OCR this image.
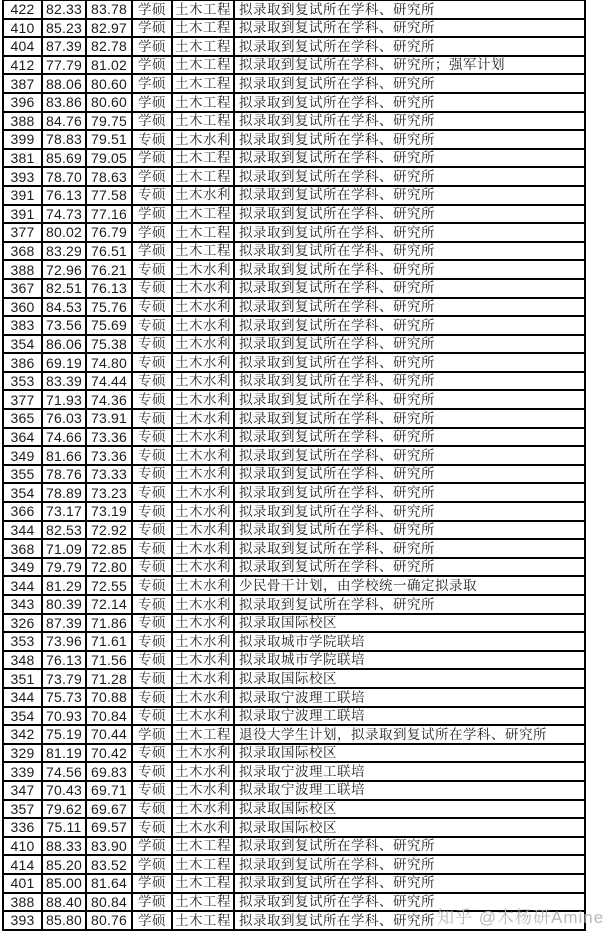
422	82.33	83.78	学硕	土木工程	拟录取到复试所在学科、研究所
410	85.23	82.97	学硕	土木工程	拟录取到复试所在学科、研究所
404	87.39	82.78	学硕	土木工程	拟录取到复试所在学科、研究所
412	77.79	81.02	学硕	土木工程	拟录取到复试所在学科、研究所；强军计划
387	88.06	80.60	学硕	土木工程	拟录取到复试所在学科、研究所
396	83.86	80.60	学硕	土木工程	拟录取到复试所在学科、研究所
388	84.76	79.75	学硕	土木工程	拟录取到复试所在学科、研究所
399	78.83	79.51	专硕	土木水利	拟录取到复试所在学科、研究所
381	85.69	79.05	学硕	土木工程	拟录取到复试所在学科、研究所
393	78.70	78.63	学硕	土木工程	拟录取到复试所在学科、研究所
391	76.13	77.58	专硕	土木水利	拟录取到复试所在学科、研究所
391	74.73	77.16	学硕	土木工程	拟录取到复试所在学科、研究所
377	80.02	76.79	学硕	土木工程	拟录取到复试所在学科、研究所
368	83.29	76.51	学硕	土木工程	拟录取到复试所在学科、研究所
388	72.96	76.21	专硕	土木水利	拟录取到复试所在学科、研究所
367	82.51	76.13	专硕	土木水利	拟录取到复试所在学科、研究所
360	84.53	75.76	专硕	土木水利	拟录取到复试所在学科、研究所
383	73.56	75.69	专硕	土木水利	拟录取到复试所在学科、研究所
354	86.06	75.38	专硕	土木水利	拟录取到复试所在学科、研究所
386	69.19	74.80	专硕	土木水利	拟录取到复试所在学科、研究所
353	83.39	74.44	专硕	土木水利	拟录取到复试所在学科、研究所
377	71.93	74.36	专硕	土木水利	拟录取到复试所在学科、研究所
365	76.03	73.91	专硕	土木水利	拟录取到复试所在学科、研究所
364	74.66	73.36	专硕	土木水利	拟录取到复试所在学科、研究所
349	81.66	73.36	专硕	土木水利	拟录取到复试所在学科、研究所
355	78.76	73.33	专硕	土木水利	拟录取到复试所在学科、研究所
354	78.89	73.23	专硕	土木水利	拟录取到复试所在学科、研究所
366	73.17	73.19	专硕	土木水利	拟录取到复试所在学科、研究所
344	82.53	72.92	专硕	土木水利	拟录取到复试所在学科、研究所
368	71.09	72.85	专硕	土木水利	拟录取到复试所在学科、研究所
349	79.79	72.80	专硕	土木水利	拟录取到复试所在学科、研究所
344	81.29	72.55	专硕	土木水利	少民骨干计划，由学校统一确定拟录取
343	80.39	72.14	专硕	土木水利	拟录取到复试所在学科、研究所
326	87.39	71.86	专硕	土木水利	拟录取国际校区
353	73.96	71.61	专硕	土木水利	拟录取城市学院联培
348	76.13	71.56	专硕	土木水利	拟录取城市学院联培
351	73.79	71.28	专硕	土木水利	拟录取国际校区
344	75.73	70.88	专硕	土木水利	拟录取宁波理工联培
354	70.93	70.84	专硕	土木水利	拟录取宁波理工联培
342	75.19	70.44	学硕	土木工程	退役大学生计划，拟录取到复试所在学科、研究所
329	81.19	70.42	专硕	土木水利	拟录取国际校区
339	74.56	69.83	专硕	土木水利	拟录取宁波理工联培
347	70.43	69.71	专硕	土木水利	拟录取宁波理工联培
357	79.62	69.67	专硕	土木水利	拟录取国际校区
336	75.11	69.57	专硕	土木水利	拟录取国际校区
410	88.33	83.90	学硕	土木工程	拟录取到复试所在学科、研究所
414	85.20	83.52	学硕	土木工程	拟录取到复试所在学科、研究所
401	85.00	81.64	学硕	土木工程	拟录取到复试所在学科、研究所
388	88.40	80.84	学硕	土木工程	拟录取到复试所在学科、研究所
393	85.80	80.76	学硕	土木工程	拟录取到复试所在学科、研究所 知乎 @木杨研Amine
